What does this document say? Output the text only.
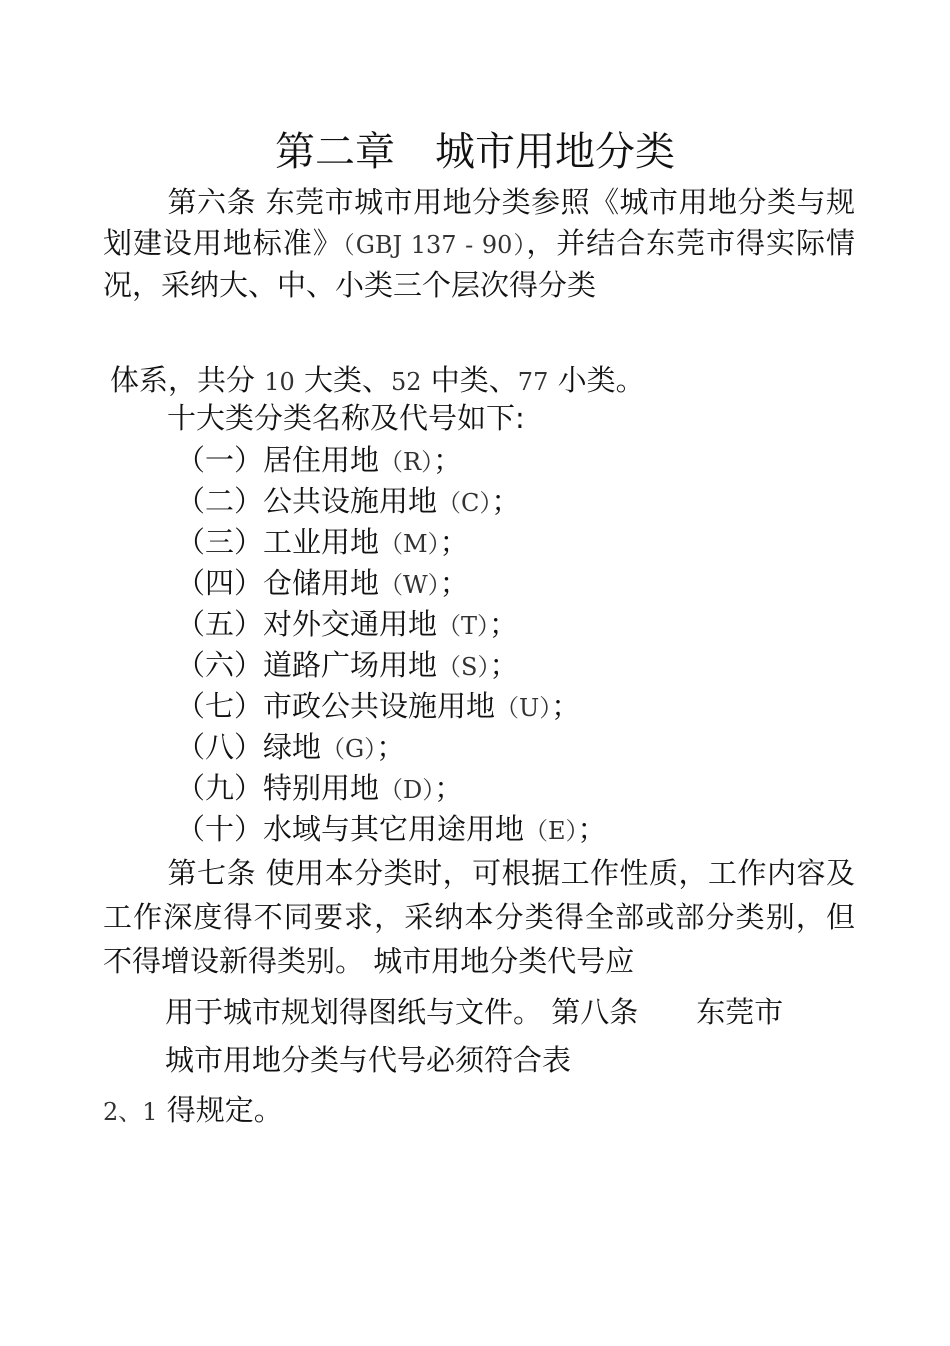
第二章　城市用地分类
第六条 东莞市城市用地分类参照《城市用地分类与规划建设用地标准》（GBJ 137 - 90），并结合东莞市得实际情况，采纳大、中、小类三个层次得分类
体系，共分 10 大类、52 中类、77 小类。
十大类分类名称及代号如下:
（一）居住用地（R）；
（二）公共设施用地（C）；
（三）工业用地（M）；
（四）仓储用地（W）；
（五）对外交通用地（T）；
（六）道路广场用地（S）；
（七）市政公共设施用地（U）；
（八）绿地（G）；
（九）特别用地（D）；
（十）水域与其它用途用地（E）；
第七条 使用本分类时，可根据工作性质，工作内容及工作深度得不同要求，采纳本分类得全部或部分类别，但不得增设新得类别。 城市用地分类代号应
用于城市规划得图纸与文件。 第八条　　东莞市
城市用地分类与代号必须符合表
2、1 得规定。
